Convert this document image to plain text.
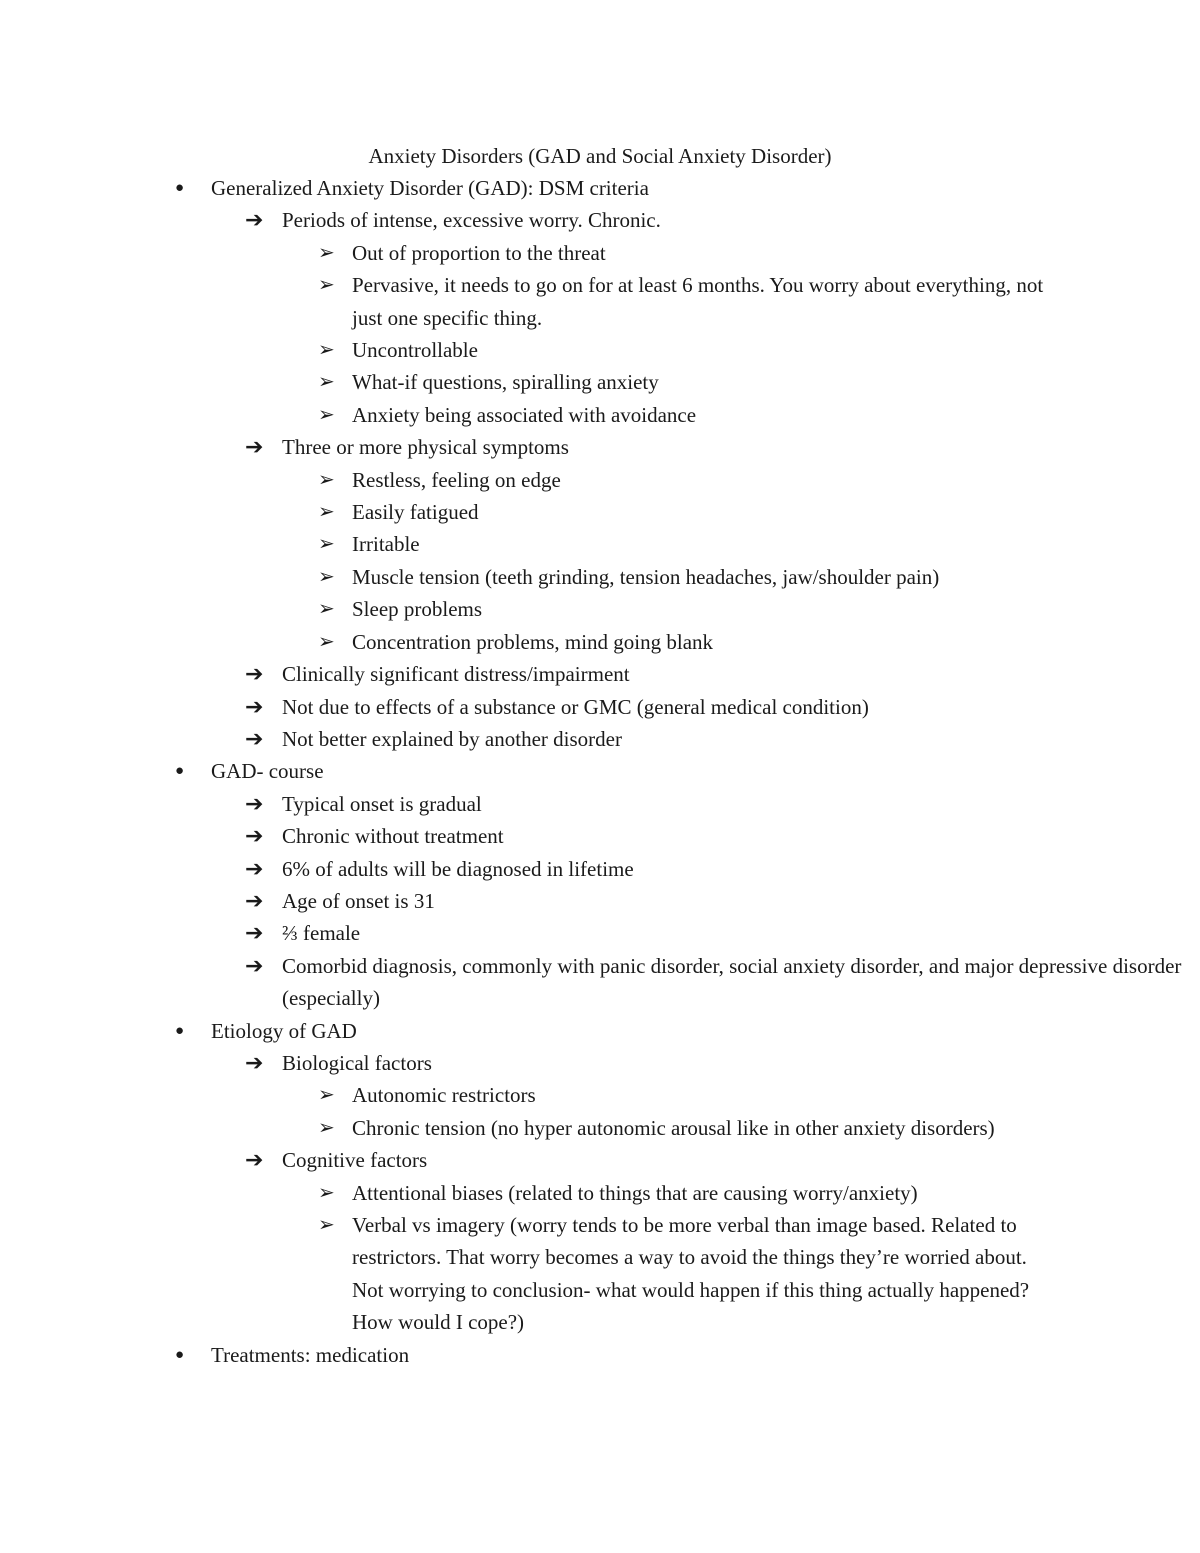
Anxiety Disorders (GAD and Social Anxiety Disorder)
● Generalized Anxiety Disorder (GAD): DSM criteria
➔ Periods of intense, excessive worry. Chronic.
➢ Out of proportion to the threat
➢ Pervasive, it needs to go on for at least 6 months. You worry about everything, not just one specific thing.
➢ Uncontrollable
➢ What-if questions, spiralling anxiety
➢ Anxiety being associated with avoidance
➔ Three or more physical symptoms
➢ Restless, feeling on edge
➢ Easily fatigued
➢ Irritable
➢ Muscle tension (teeth grinding, tension headaches, jaw/shoulder pain)
➢ Sleep problems
➢ Concentration problems, mind going blank
➔ Clinically significant distress/impairment
➔ Not due to effects of a substance or GMC (general medical condition)
➔ Not better explained by another disorder
● GAD- course
➔ Typical onset is gradual
➔ Chronic without treatment
➔ 6% of adults will be diagnosed in lifetime
➔ Age of onset is 31
➔ ⅔ female
➔ Comorbid diagnosis, commonly with panic disorder, social anxiety disorder, and major depressive disorder (especially)
● Etiology of GAD
➔ Biological factors
➢ Autonomic restrictors
➢ Chronic tension (no hyper autonomic arousal like in other anxiety disorders)
➔ Cognitive factors
➢ Attentional biases (related to things that are causing worry/anxiety)
➢ Verbal vs imagery (worry tends to be more verbal than image based. Related to restrictors. That worry becomes a way to avoid the things they’re worried about. Not worrying to conclusion- what would happen if this thing actually happened? How would I cope?)
● Treatments: medication
